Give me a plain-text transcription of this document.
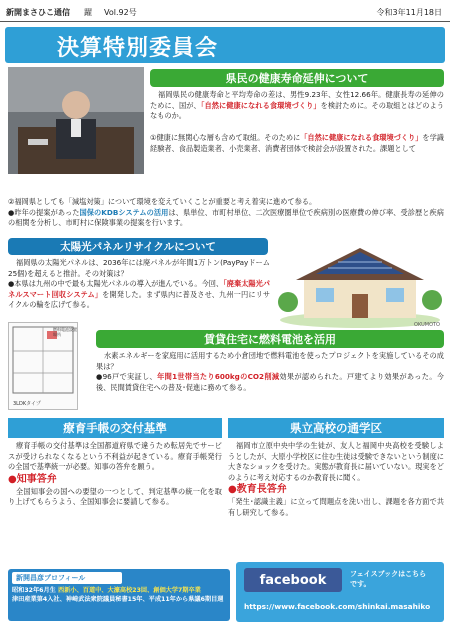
新開まさひこ通信 躍 Vol.92号	令和3年11月18日
決算特別委員会
県民の健康寿命延伸について
福岡県民の健康寿命と平均寿命の差は、男性9.23年、女性12.66年。健康長寿の延伸のために、国が、「自然に健康になれる食環境づくり」を検討ために。その取組とはどのようなものか。

①健康に無関心な層も含めて取組。そのために「自然に健康になれる食環境づくり」を学識経験者、食品製造業者、小売業者、消費者団体で検討会が設置された。課題として

②福岡県としても「減塩対策」について環境を変えていくことが重要と考え着実に進めて参る。

●昨年の提案があった国保のKDBシステムの活用は、県単位、市町村単位、二次医療圏単位で疾病別の医療費の伸び率、受診歴と疾病の相関を分析し、市町村に保険事業の提案を行います。

太陽光パネルリサイクルについて

福岡県の太陽光パネルは、2036年には廃パネルが年間1万トン(PayPayドーム25個)を超えると推計。その対策は？

●本県は九州の中で最も太陽光パネルの導入が進んでいる。今回、「廃棄太陽光パネルスマート回収システム」を開発した。まず県内に普及させ、九州一円にリサイクルの輪を広げて参る。

OKUMOTO
燃料電池設置場所
3LDKタイプ
賃貸住宅に燃料電池を活用

水素エネルギーを家庭用に活用するため小倉団地で燃料電池を使ったプロジェクトを実施しているその成果は？

●96戸で実証し、年間1世帯当たり600kgのCO2削減効果が認められた。戸建てより効果があった。今後、民間賃貸住宅への普及･促進に務めて参る。

療育手帳の交付基準

療育手帳の交付基準は全国都道府県で違うため転居先でサービスが受けられなくなるという不利益が起きている。療育手帳発行の全国で基準統一が必要。知事の答弁を願う。

●知事答弁

全国知事会の国への要望の一つとして、判定基準の統一化を取り上げてもらうよう、全国知事会に要請して参る。

県立高校の通学区

福岡市立原中央中学の生徒が、友人と福岡中央高校を受験しようとしたが、大原小学校区に住む生徒は受験できないという制度に大きなショックを受けた。実態が教育長に届いていない。現実をどのように考え対応するのか教育長に聞く。

●教育長答弁

「発生･認識主義」に立って問題点を洗い出し、課題を各方面で共有し研究して参る。

新開昌彦プロフィール
昭和32年6月生 西新小、百道中、大濠高校23回、創価大学7期卒業
津田産業第4入社、神崎武法衆院議員秘書15年、平成11年から県議6期目週
facebook	フェイスブックはこちらです。
https://www.facebook.com/shinkai.masahiko
